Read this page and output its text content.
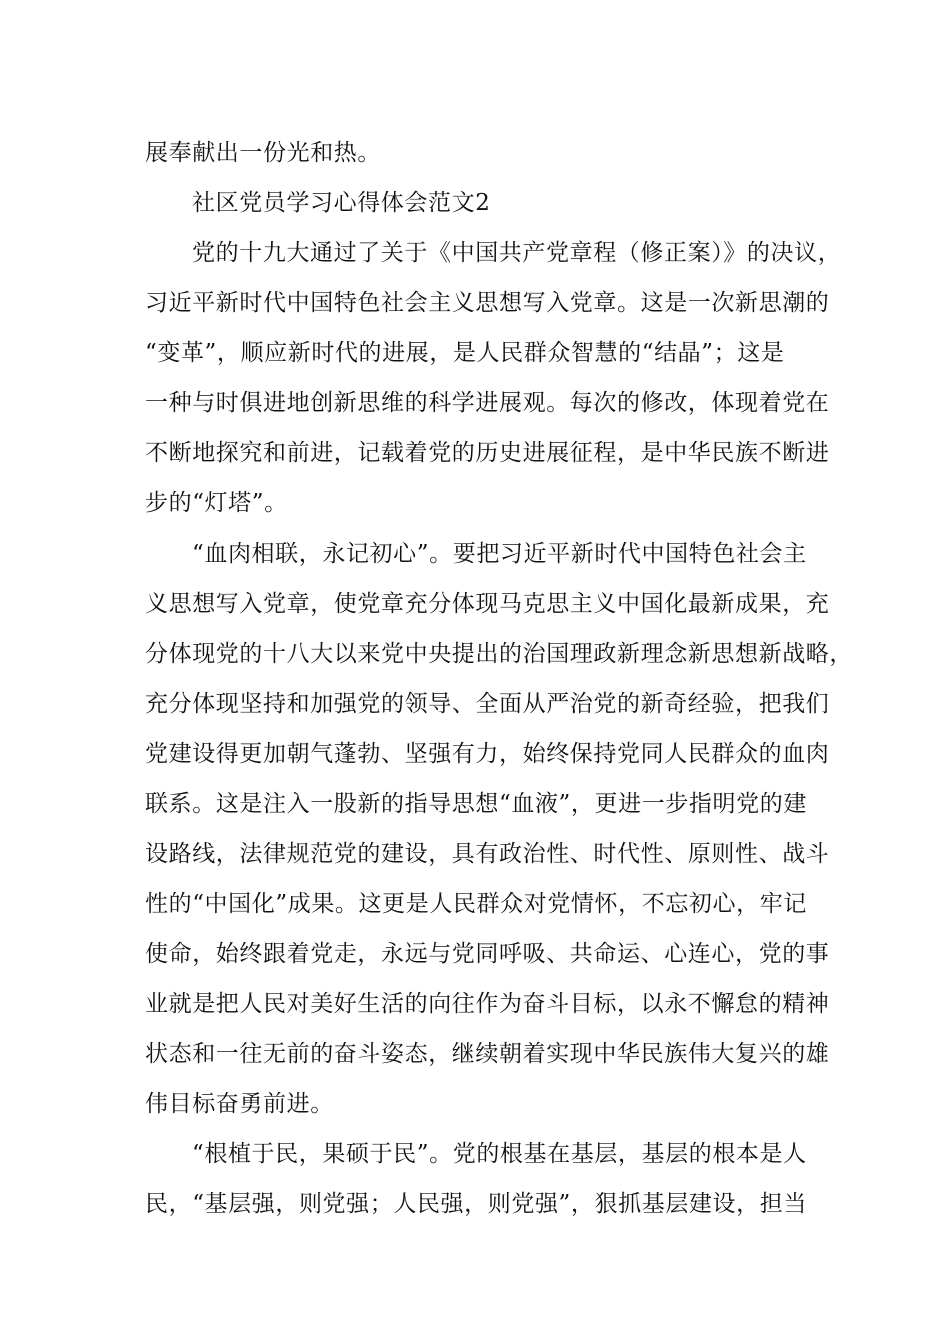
展奉献出一份光和热。
社区党员学习心得体会范文2
党的十九大通过了关于《中国共产党章程（修正案）》的决议，
习近平新时代中国特色社会主义思想写入党章。这是一次新思潮的
“变革”，顺应新时代的进展，是人民群众智慧的“结晶”；这是
一种与时俱进地创新思维的科学进展观。每次的修改，体现着党在
不断地探究和前进，记载着党的历史进展征程，是中华民族不断进
步的“灯塔”。
“血肉相联，永记初心”。要把习近平新时代中国特色社会主
义思想写入党章，使党章充分体现马克思主义中国化最新成果，充
分体现党的十八大以来党中央提出的治国理政新理念新思想新战略，
充分体现坚持和加强党的领导、全面从严治党的新奇经验，把我们
党建设得更加朝气蓬勃、坚强有力，始终保持党同人民群众的血肉
联系。这是注入一股新的指导思想“血液”，更进一步指明党的建
设路线，法律规范党的建设，具有政治性、时代性、原则性、战斗
性的“中国化”成果。这更是人民群众对党情怀，不忘初心，牢记
使命，始终跟着党走，永远与党同呼吸、共命运、心连心，党的事
业就是把人民对美好生活的向往作为奋斗目标，以永不懈怠的精神
状态和一往无前的奋斗姿态，继续朝着实现中华民族伟大复兴的雄
伟目标奋勇前进。
“根植于民，果硕于民”。党的根基在基层，基层的根本是人
民，“基层强，则党强；人民强，则党强”，狠抓基层建设，担当
